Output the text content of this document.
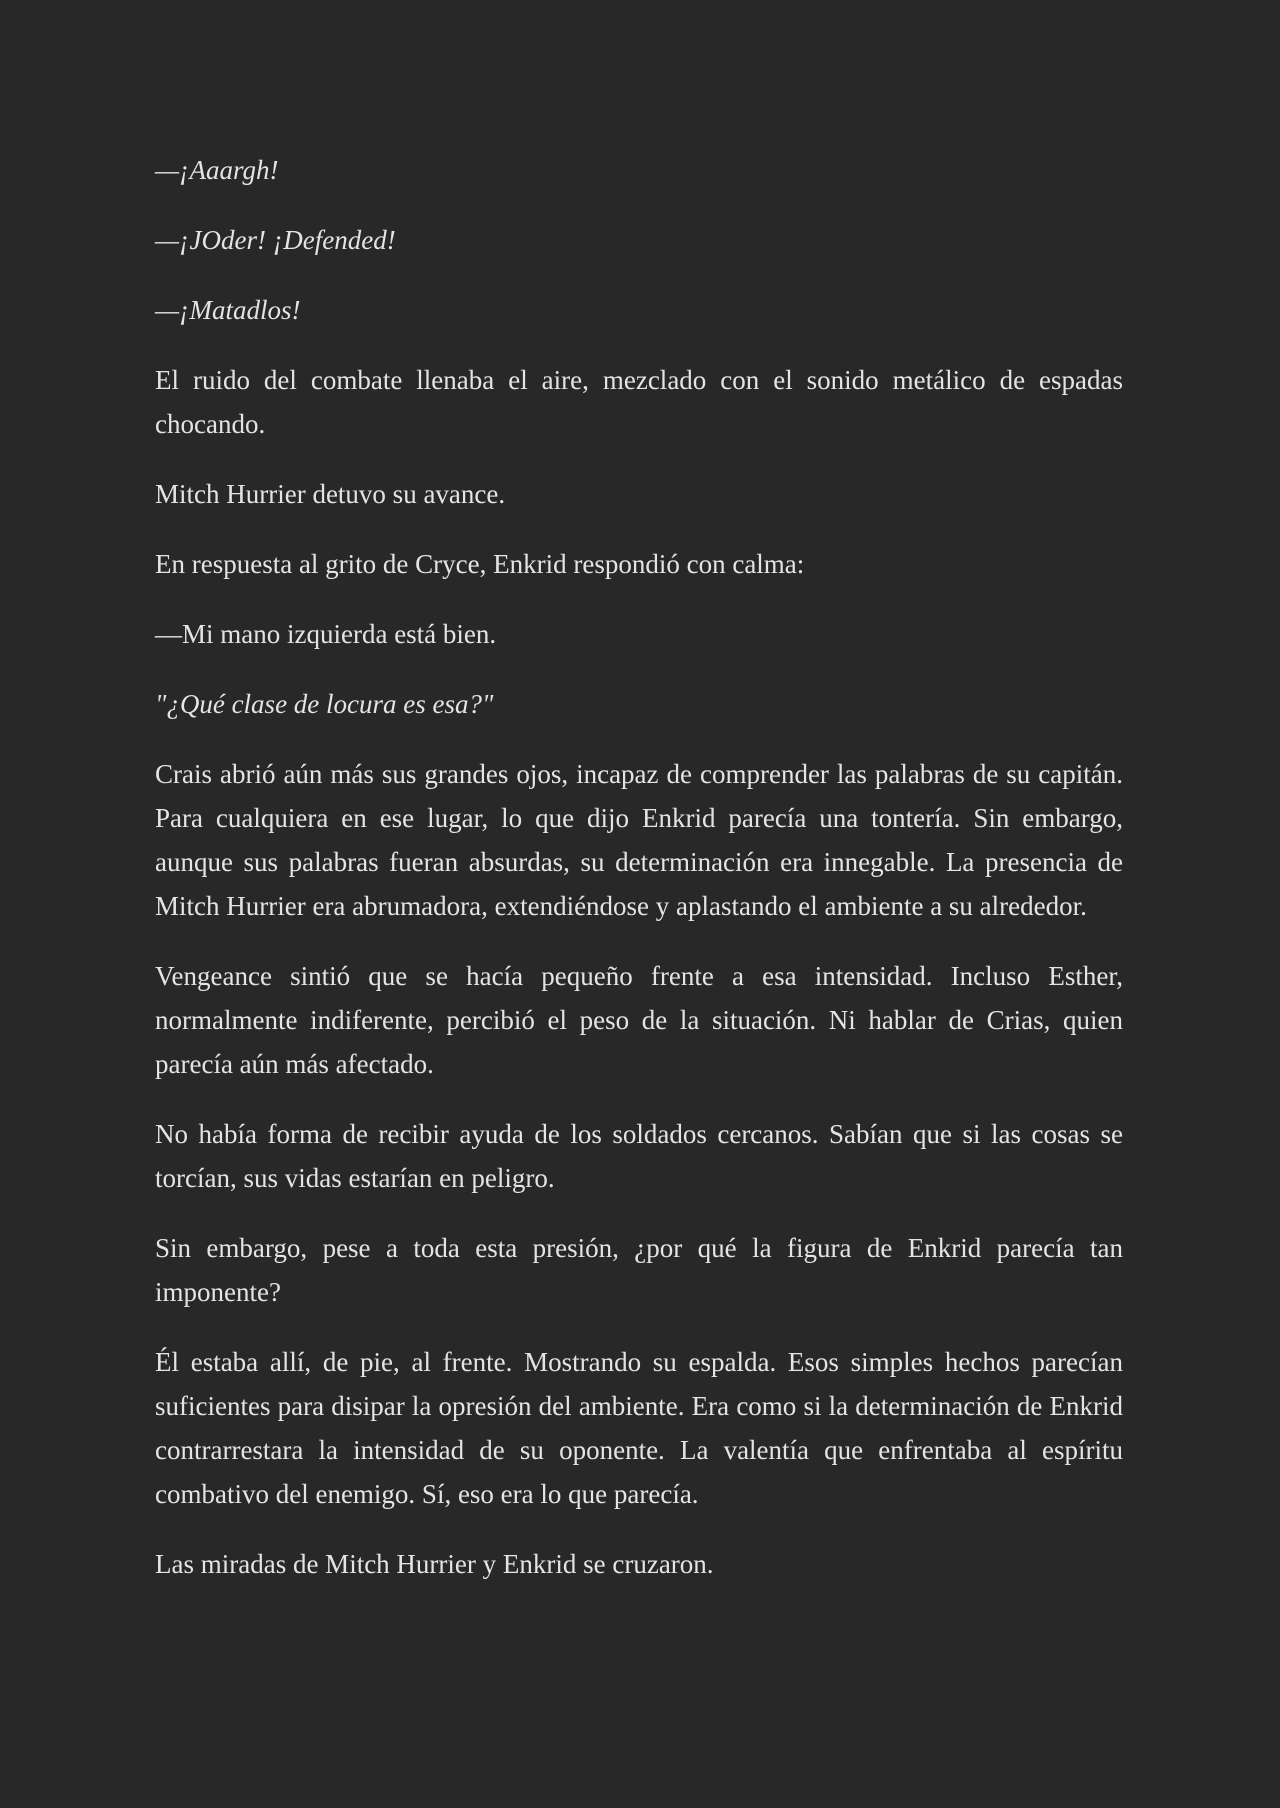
—¡Aaargh!

—¡JOder! ¡Defended!

—¡Matadlos!

El ruido del combate llenaba el aire, mezclado con el sonido metálico de espadas chocando.

Mitch Hurrier detuvo su avance.

En respuesta al grito de Cryce, Enkrid respondió con calma:

—Mi mano izquierda está bien.

"¿Qué clase de locura es esa?"

Crais abrió aún más sus grandes ojos, incapaz de comprender las palabras de su capitán. Para cualquiera en ese lugar, lo que dijo Enkrid parecía una tontería. Sin embargo, aunque sus palabras fueran absurdas, su determinación era innegable. La presencia de Mitch Hurrier era abrumadora, extendiéndose y aplastando el ambiente a su alrededor.

Vengeance sintió que se hacía pequeño frente a esa intensidad. Incluso Esther, normalmente indiferente, percibió el peso de la situación. Ni hablar de Crias, quien parecía aún más afectado.

No había forma de recibir ayuda de los soldados cercanos. Sabían que si las cosas se torcían, sus vidas estarían en peligro.

Sin embargo, pese a toda esta presión, ¿por qué la figura de Enkrid parecía tan imponente?

Él estaba allí, de pie, al frente. Mostrando su espalda. Esos simples hechos parecían suficientes para disipar la opresión del ambiente. Era como si la determinación de Enkrid contrarrestara la intensidad de su oponente. La valentía que enfrentaba al espíritu combativo del enemigo. Sí, eso era lo que parecía.

Las miradas de Mitch Hurrier y Enkrid se cruzaron.
